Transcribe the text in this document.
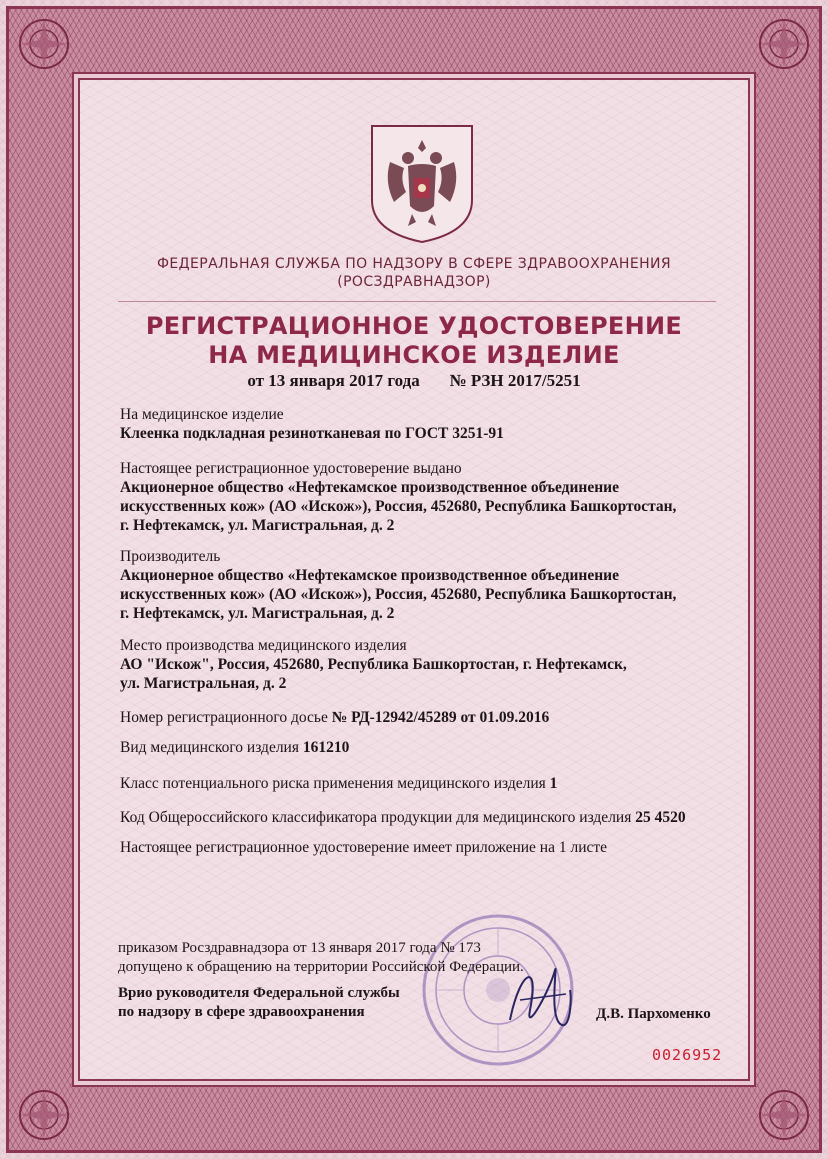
ФЕДЕРАЛЬНАЯ СЛУЖБА ПО НАДЗОРУ В СФЕРЕ ЗДРАВООХРАНЕНИЯ
(РОСЗДРАВНАДЗОР)
РЕГИСТРАЦИОННОЕ УДОСТОВЕРЕНИЕ
НА МЕДИЦИНСКОЕ ИЗДЕЛИЕ
от 13 января 2017 года № РЗН 2017/5251
На медицинское изделие
Клеенка подкладная резинотканевая по ГОСТ 3251-91
Настоящее регистрационное удостоверение выдано
Акционерное общество «Нефтекамское производственное объединение
искусственных кож» (АО «Искож»), Россия, 452680, Республика Башкортостан,
г. Нефтекамск, ул. Магистральная, д. 2
Производитель
Акционерное общество «Нефтекамское производственное объединение
искусственных кож» (АО «Искож»), Россия, 452680, Республика Башкортостан,
г. Нефтекамск, ул. Магистральная, д. 2
Место производства медицинского изделия
АО "Искож", Россия, 452680, Республика Башкортостан, г. Нефтекамск,
ул. Магистральная, д. 2
Номер регистрационного досье № РД-12942/45289 от 01.09.2016
Вид медицинского изделия 161210
Класс потенциального риска применения медицинского изделия 1
Код Общероссийского классификатора продукции для медицинского изделия 25 4520
Настоящее регистрационное удостоверение имеет приложение на 1 листе
приказом Росздравнадзора от 13 января 2017 года № 173
допущено к обращению на территории Российской Федерации.
Врио руководителя Федеральной службы
по надзору в сфере здравоохранения	Д.В. Пархоменко
0026952
